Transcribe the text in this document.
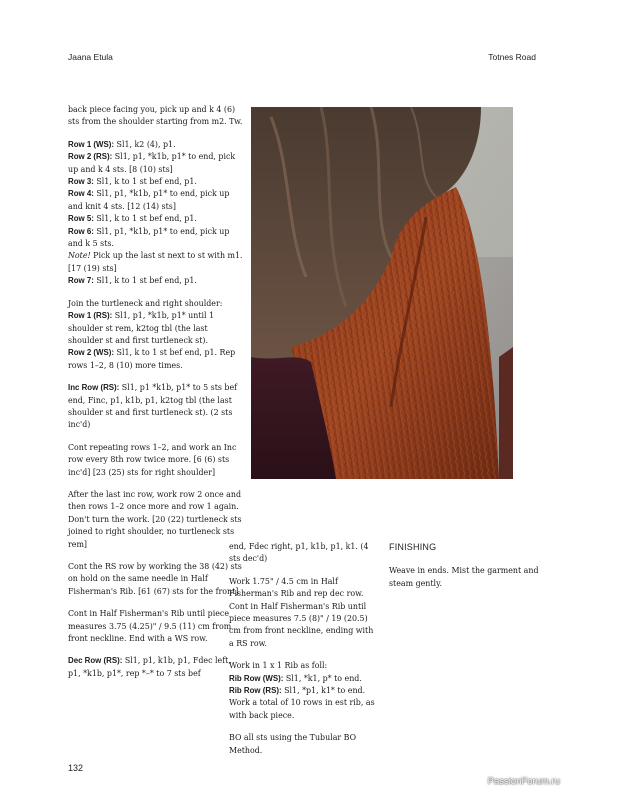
Jaana Etula	Totnes Road

back piece facing you, pick up and k 4 (6) sts from the shoulder starting from m2. Tw.

Row 1 (WS): Sl1, k2 (4), p1.
Row 2 (RS): Sl1, p1, *k1b, p1* to end, pick up and k 4 sts. [8 (10) sts]
Row 3: Sl1, k to 1 st bef end, p1.
Row 4: Sl1, p1, *k1b, p1* to end, pick up and knit 4 sts. [12 (14) sts]
Row 5: Sl1, k to 1 st bef end, p1.
Row 6: Sl1, p1, *k1b, p1* to end, pick up and k 5 sts.
Note! Pick up the last st next to st with m1. [17 (19) sts]
Row 7: Sl1, k to 1 st bef end, p1.

Join the turtleneck and right shoulder:
Row 1 (RS): Sl1, p1, *k1b, p1* until 1 shoulder st rem, k2tog tbl (the last shoulder st and first turtleneck st).
Row 2 (WS): Sl1, k to 1 st bef end, p1. Rep rows 1–2, 8 (10) more times.

Inc Row (RS): Sl1, p1 *k1b, p1* to 5 sts bef end, Finc, p1, k1b, p1, k2tog tbl (the last shoulder st and first turtleneck st). (2 sts inc'd)

Cont repeating rows 1–2, and work an Inc row every 8th row twice more. [6 (6) sts inc'd] [23 (25) sts for right shoulder]

After the last inc row, work row 2 once and then rows 1–2 once more and row 1 again. Don't turn the work. [20 (22) turtleneck sts joined to right shoulder, no turtleneck sts rem]

Cont the RS row by working the 38 (42) sts on hold on the same needle in Half Fisherman's Rib. [61 (67) sts for the front]

Cont in Half Fisherman's Rib until piece measures 3.75 (4.25)" / 9.5 (11) cm from front neckline. End with a WS row.

Dec Row (RS): Sl1, p1, k1b, p1, Fdec left, p1, *k1b, p1*, rep *–* to 7 sts bef

end, Fdec right, p1, k1b, p1, k1. (4 sts dec'd)

Work 1.75" / 4.5 cm in Half Fisherman's Rib and rep dec row. Cont in Half Fisherman's Rib until piece measures 7.5 (8)" / 19 (20.5) cm from front neckline, ending with a RS row.

Work in 1 x 1 Rib as foll:
Rib Row (WS): Sl1, *k1, p* to end.
Rib Row (RS): Sl1, *p1, k1* to end.
Work a total of 10 rows in est rib, as with back piece.

BO all sts using the Tubular BO Method.

FINISHING

Weave in ends. Mist the garment and steam gently.

132
PassionForum.ru
